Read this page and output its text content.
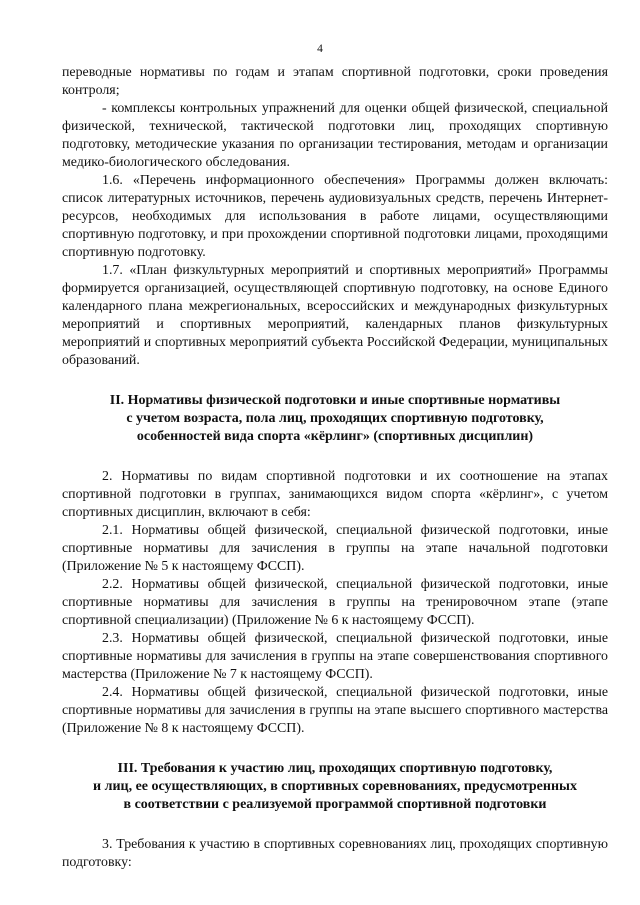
4

переводные нормативы по годам и этапам спортивной подготовки, сроки проведения контроля;

- комплексы контрольных упражнений для оценки общей физической, специальной физической, технической, тактической подготовки лиц, проходящих спортивную подготовку, методические указания по организации тестирования, методам и организации медико-биологического обследования.

1.6. «Перечень информационного обеспечения» Программы должен включать: список литературных источников, перечень аудиовизуальных средств, перечень Интернет-ресурсов, необходимых для использования в работе лицами, осуществляющими спортивную подготовку, и при прохождении спортивной подготовки лицами, проходящими спортивную подготовку.

1.7. «План физкультурных мероприятий и спортивных мероприятий» Программы формируется организацией, осуществляющей спортивную подготовку, на основе Единого календарного плана межрегиональных, всероссийских и международных физкультурных мероприятий и спортивных мероприятий, календарных планов физкультурных мероприятий и спортивных мероприятий субъекта Российской Федерации, муниципальных образований.

II. Нормативы физической подготовки и иные спортивные нормативы
с учетом возраста, пола лиц, проходящих спортивную подготовку,
особенностей вида спорта «кёрлинг» (спортивных дисциплин)

2. Нормативы по видам спортивной подготовки и их соотношение на этапах спортивной подготовки в группах, занимающихся видом спорта «кёрлинг», с учетом спортивных дисциплин, включают в себя:

2.1. Нормативы общей физической, специальной физической подготовки, иные спортивные нормативы для зачисления в группы на этапе начальной подготовки (Приложение № 5 к настоящему ФССП).

2.2. Нормативы общей физической, специальной физической подготовки, иные спортивные нормативы для зачисления в группы на тренировочном этапе (этапе спортивной специализации) (Приложение № 6 к настоящему ФССП).

2.3. Нормативы общей физической, специальной физической подготовки, иные спортивные нормативы для зачисления в группы на этапе совершенствования спортивного мастерства (Приложение № 7 к настоящему ФССП).

2.4. Нормативы общей физической, специальной физической подготовки, иные спортивные нормативы для зачисления в группы на этапе высшего спортивного мастерства (Приложение № 8 к настоящему ФССП).

III. Требования к участию лиц, проходящих спортивную подготовку,
и лиц, ее осуществляющих, в спортивных соревнованиях, предусмотренных
в соответствии с реализуемой программой спортивной подготовки

3. Требования к участию в спортивных соревнованиях лиц, проходящих спортивную подготовку:
